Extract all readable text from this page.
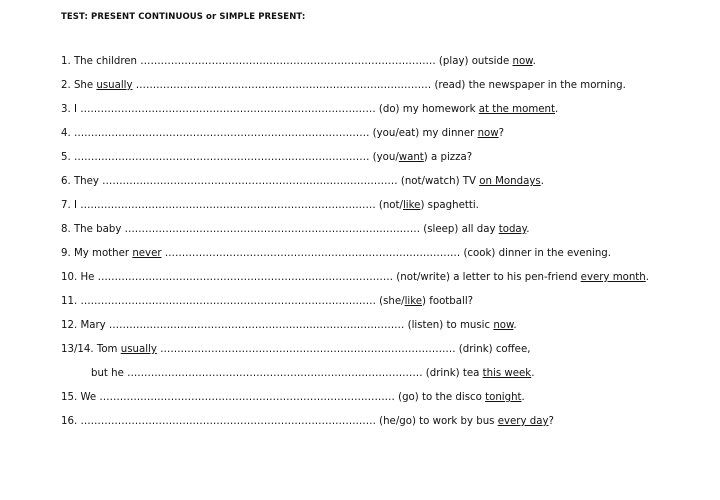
TEST: PRESENT CONTINUOUS or SIMPLE PRESENT:
1. The children …………………………………………………………………………… (play) outside now.
2. She usually …………………………………………………………………………… (read) the newspaper in the morning.
3. I …………………………………………………………………………… (do) my homework at the moment.
4. …………………………………………………………………………… (you/eat) my dinner now?
5. …………………………………………………………………………… (you/want) a pizza?
6. They …………………………………………………………………………… (not/watch) TV on Mondays.
7. I …………………………………………………………………………… (not/like) spaghetti.
8. The baby …………………………………………………………………………… (sleep) all day today.
9. My mother never …………………………………………………………………………… (cook) dinner in the evening.
10. He …………………………………………………………………………… (not/write) a letter to his pen-friend every month.
11. …………………………………………………………………………… (she/like) football?
12. Mary …………………………………………………………………………… (listen) to music now.
13/14. Tom usually …………………………………………………………………………… (drink) coffee,
but he …………………………………………………………………………… (drink) tea this week.
15. We …………………………………………………………………………… (go) to the disco tonight.
16. …………………………………………………………………………… (he/go) to work by bus every day?
